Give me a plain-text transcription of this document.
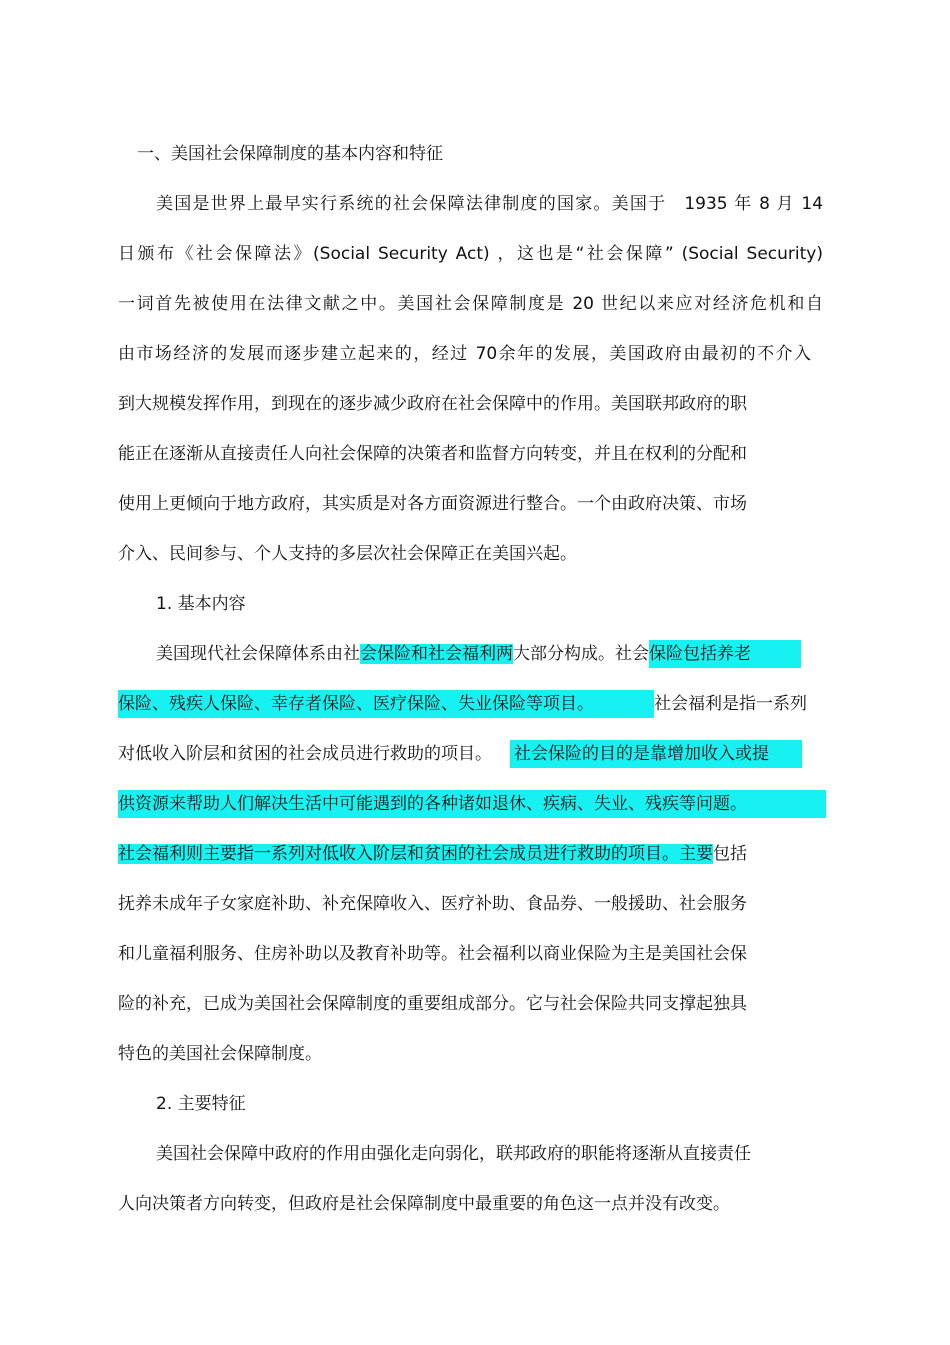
一、美国社会保障制度的基本内容和特征
美国是世界上最早实行系统的社会保障法律制度的国家。美国于 1935 年 8 月 14
日颁布《社会保障法》(Social Security Act) ，这也是“社会保障” (Social Security)
一词首先被使用在法律文献之中。美国社会保障制度是 20 世纪以来应对经济危机和自
由市场经济的发展而逐步建立起来的，经过 70余年的发展，美国政府由最初的不介入
到大规模发挥作用，到现在的逐步减少政府在社会保障中的作用。美国联邦政府的职
能正在逐渐从直接责任人向社会保障的决策者和监督方向转变，并且在权利的分配和
使用上更倾向于地方政府，其实质是对各方面资源进行整合。一个由政府决策、市场
介入、民间参与、个人支持的多层次社会保障正在美国兴起。
1. 基本内容
美国现代社会保障体系由社会保险和社会福利两大部分构成。社会保险包括养老
保险、残疾人保险、幸存者保险、医疗保险、失业保险等项目。	社会福利是指一系列
对低收入阶层和贫困的社会成员进行救助的项目。 社会保险的目的是靠增加收入或提
供资源来帮助人们解决生活中可能遇到的各种诸如退休、疾病、失业、残疾等问题。
社会福利则主要指一系列对低收入阶层和贫困的社会成员进行救助的项目。主要包括
抚养未成年子女家庭补助、补充保障收入、医疗补助、食品券、一般援助、社会服务
和儿童福利服务、住房补助以及教育补助等。社会福利以商业保险为主是美国社会保
险的补充，已成为美国社会保障制度的重要组成部分。它与社会保险共同支撑起独具
特色的美国社会保障制度。
2. 主要特征
美国社会保障中政府的作用由强化走向弱化，联邦政府的职能将逐渐从直接责任
人向决策者方向转变，但政府是社会保障制度中最重要的角色这一点并没有改变。
